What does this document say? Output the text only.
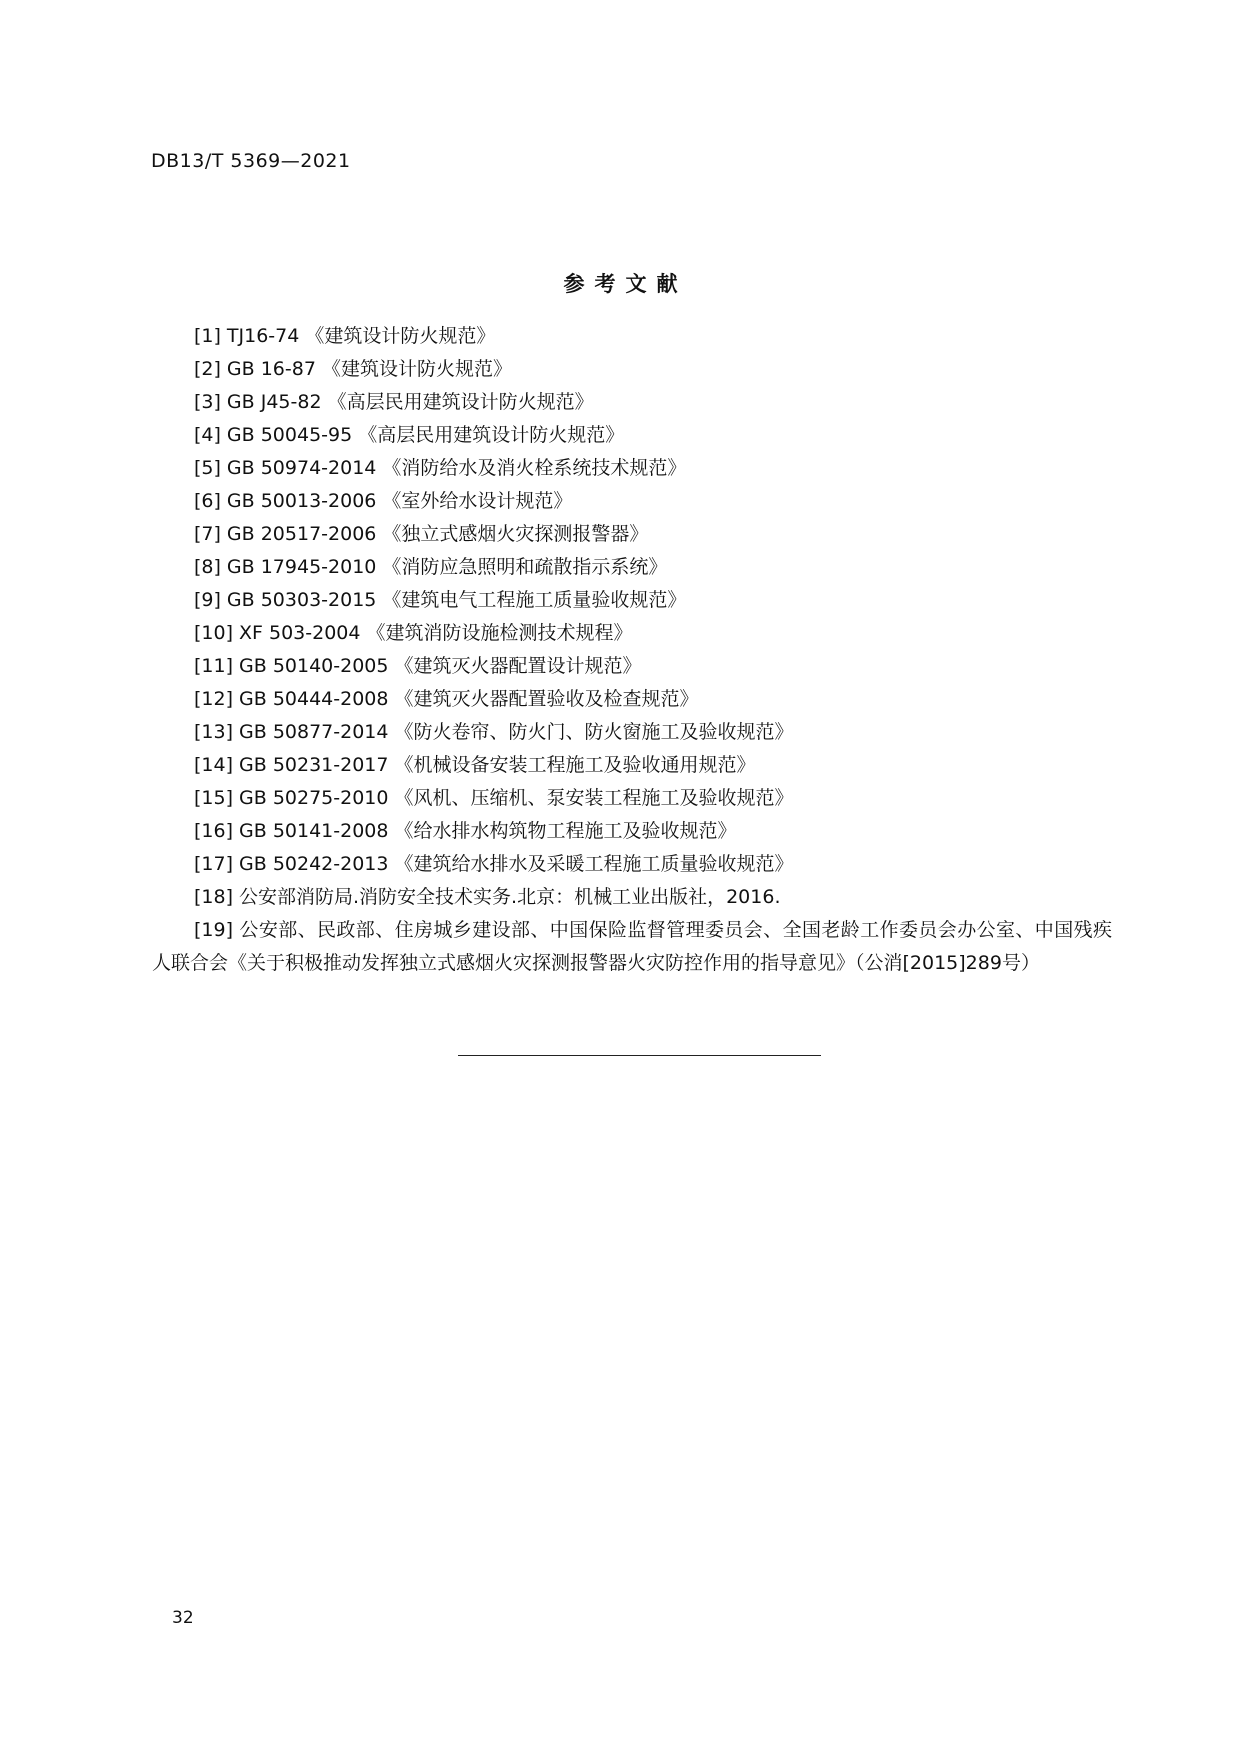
DB13/T 5369—2021
参考文献
[1] TJ16-74 《建筑设计防火规范》
[2] GB 16-87 《建筑设计防火规范》
[3] GB J45-82 《高层民用建筑设计防火规范》
[4] GB 50045-95 《高层民用建筑设计防火规范》
[5] GB 50974-2014 《消防给水及消火栓系统技术规范》
[6] GB 50013-2006 《室外给水设计规范》
[7] GB 20517-2006 《独立式感烟火灾探测报警器》
[8] GB 17945-2010 《消防应急照明和疏散指示系统》
[9] GB 50303-2015 《建筑电气工程施工质量验收规范》
[10] XF 503-2004 《建筑消防设施检测技术规程》
[11] GB 50140-2005 《建筑灭火器配置设计规范》
[12] GB 50444-2008 《建筑灭火器配置验收及检查规范》
[13] GB 50877-2014 《防火卷帘、防火门、防火窗施工及验收规范》
[14] GB 50231-2017 《机械设备安装工程施工及验收通用规范》
[15] GB 50275-2010 《风机、压缩机、泵安装工程施工及验收规范》
[16] GB 50141-2008 《给水排水构筑物工程施工及验收规范》
[17] GB 50242-2013 《建筑给水排水及采暖工程施工质量验收规范》
[18] 公安部消防局.消防安全技术实务.北京：机械工业出版社，2016.
[19] 公安部、民政部、住房城乡建设部、中国保险监督管理委员会、全国老龄工作委员会办公室、中国残疾人联合会《关于积极推动发挥独立式感烟火灾探测报警器火灾防控作用的指导意见》（公消[2015]289号）
32
